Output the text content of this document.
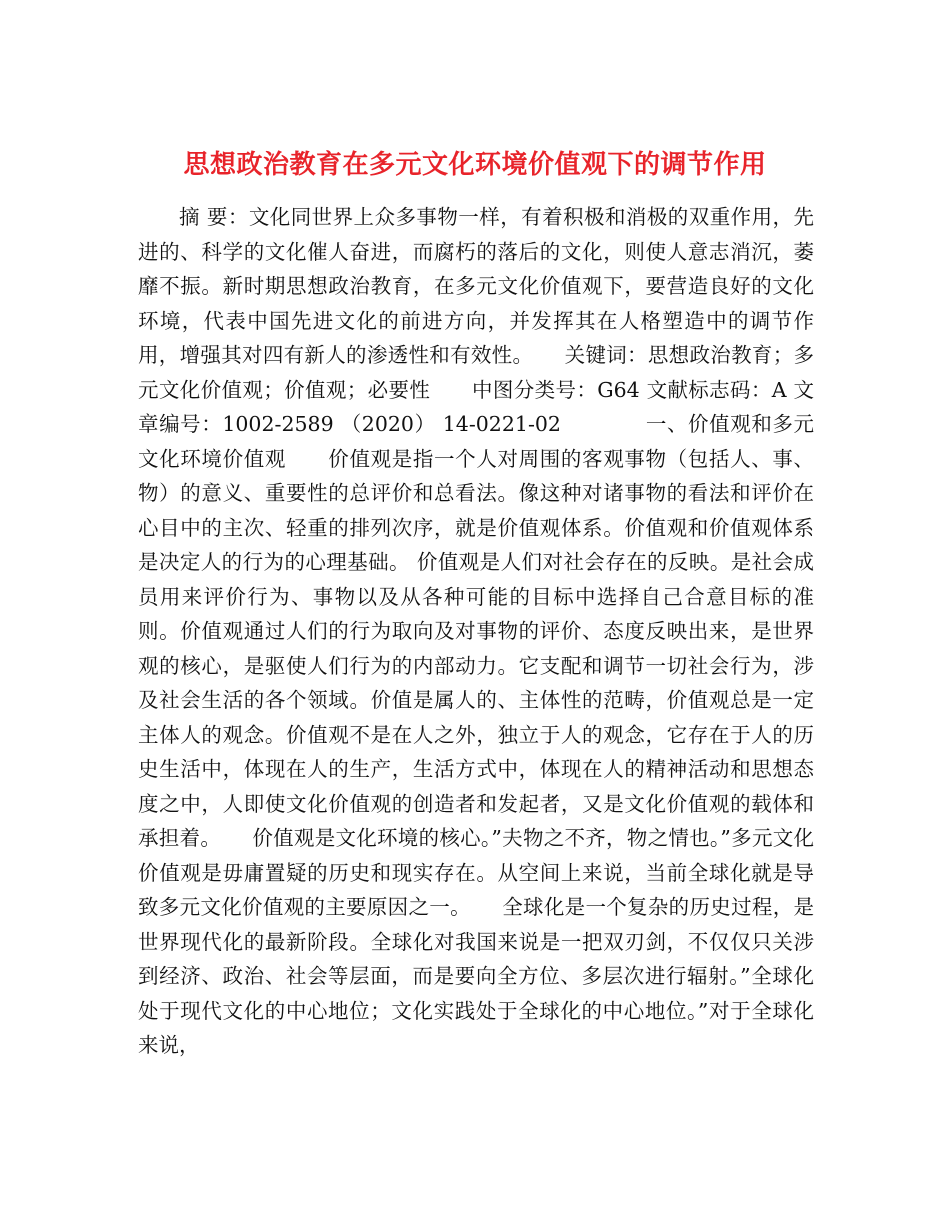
思想政治教育在多元文化环境价值观下的调节作用

摘 要：文化同世界上众多事物一样，有着积极和消极的双重作用，先进的、科学的文化催人奋进，而腐朽的落后的文化，则使人意志消沉，萎靡不振。新时期思想政治教育，在多元文化价值观下，要营造良好的文化环境，代表中国先进文化的前进方向，并发挥其在人格塑造中的调节作用，增强其对四有新人的渗透性和有效性。　　关键词：思想政治教育；多元文化价值观；价值观；必要性　　中图分类号：G64 文献标志码：A 文章编号：1002-2589 （2020） 14-0221-02　　　　一、价值观和多元文化环境价值观　　价值观是指一个人对周围的客观事物（包括人、事、物）的意义、重要性的总评价和总看法。像这种对诸事物的看法和评价在心目中的主次、轻重的排列次序，就是价值观体系。价值观和价值观体系是决定人的行为的心理基础。 价值观是人们对社会存在的反映。是社会成员用来评价行为、事物以及从各种可能的目标中选择自己合意目标的准则。价值观通过人们的行为取向及对事物的评价、态度反映出来，是世界观的核心，是驱使人们行为的内部动力。它支配和调节一切社会行为，涉及社会生活的各个领域。价值是属人的、主体性的范畴，价值观总是一定主体人的观念。价值观不是在人之外，独立于人的观念，它存在于人的历史生活中，体现在人的生产，生活方式中，体现在人的精神活动和思想态度之中，人即使文化价值观的创造者和发起者，又是文化价值观的载体和承担着。　　价值观是文化环境的核心。”夫物之不齐，物之情也。”多元文化价值观是毋庸置疑的历史和现实存在。从空间上来说，当前全球化就是导致多元文化价值观的主要原因之一。　　全球化是一个复杂的历史过程，是世界现代化的最新阶段。全球化对我国来说是一把双刃剑，不仅仅只关涉到经济、政治、社会等层面，而是要向全方位、多层次进行辐射。”全球化处于现代文化的中心地位；文化实践处于全球化的中心地位。”对于全球化来说，
